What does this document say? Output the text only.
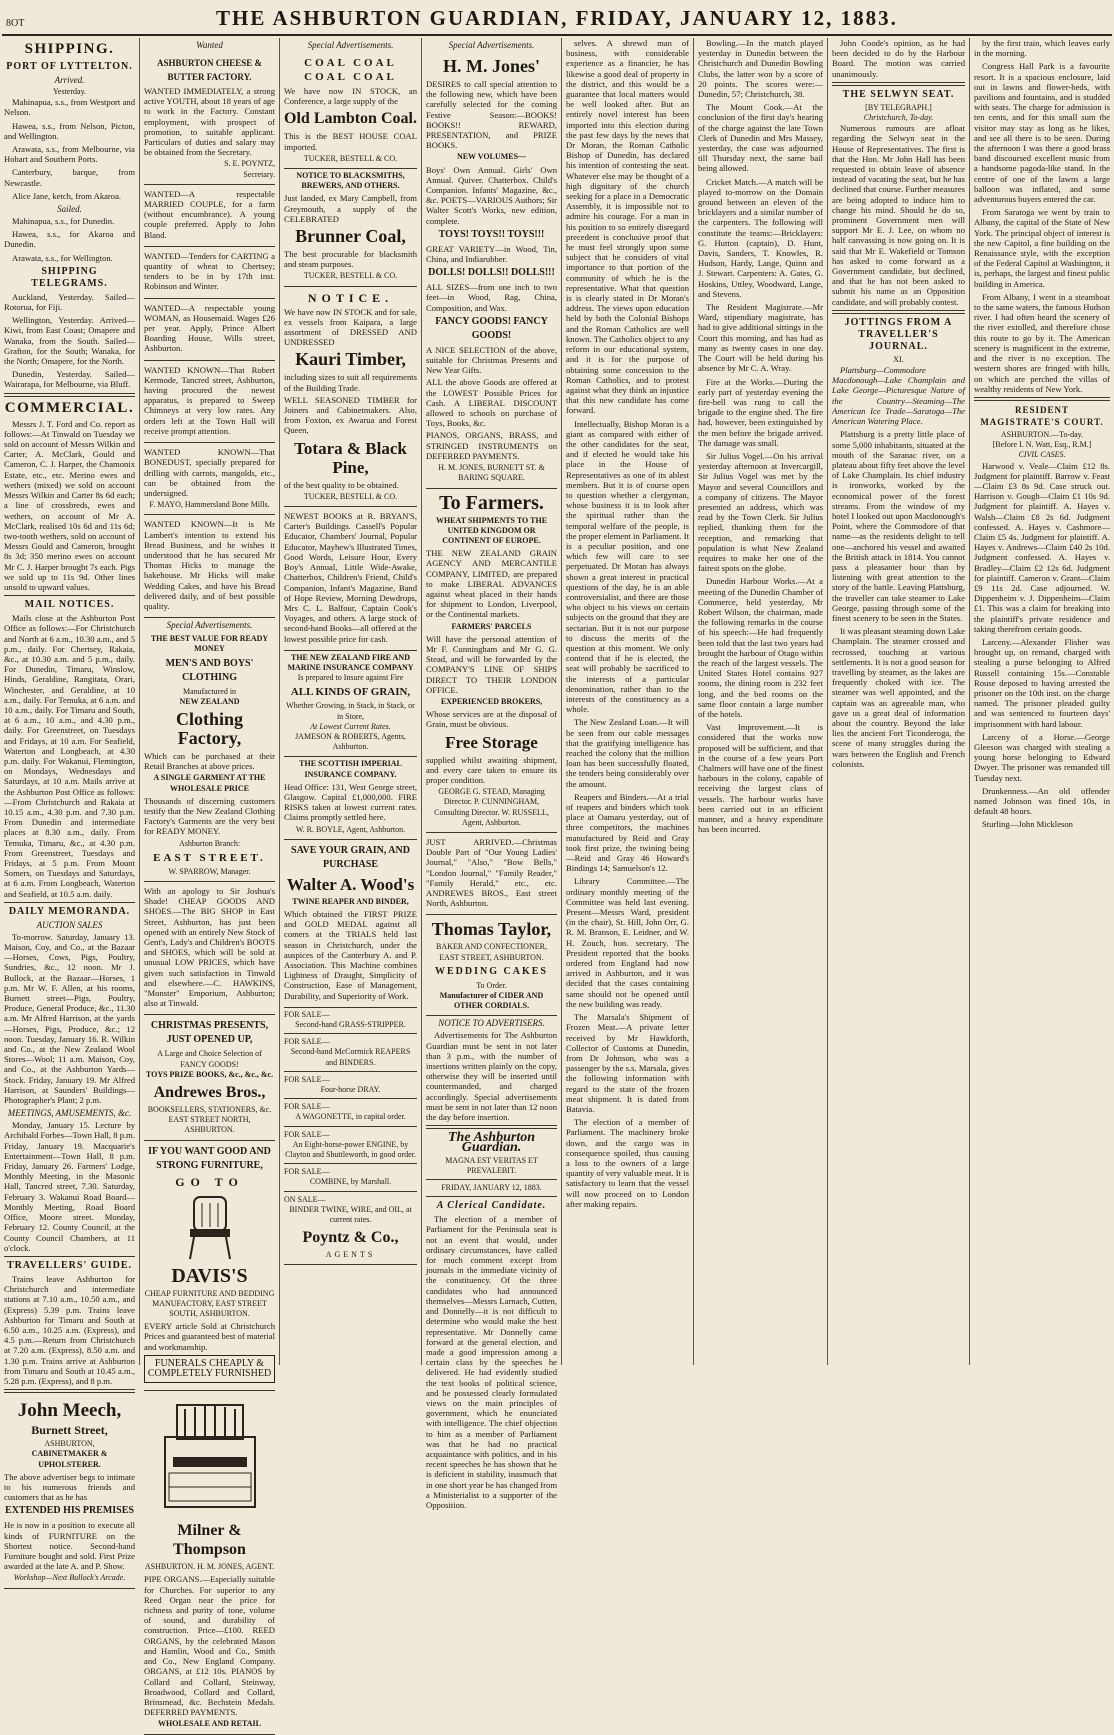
8OT	THE ASHBURTON GUARDIAN, FRIDAY, JANUARY 12, 1883.
SHIPPING.
PORT OF LYTTELTON.
Arrived.
Yesterday.

Mahinapua, s.s., from Westport and Nelson.

Hawea, s.s., from Nelson, Picton, and Wellington.

Arawata, s.s., from Melbourne, via Hobart and Southern Ports.

Canterbury, barque, from Newcastle.

Alice Jane, ketch, from Akaroa.

Sailed.

Mahinapua, s.s., for Dunedin.

Hawea, s.s., for Akaroa and Dunedin.

Arawata, s.s., for Wellington.

SHIPPING TELEGRAMS.

Auckland, Yesterday. Sailed—Rotorua, for Fiji.

Wellington, Yesterday. Arrived—Kiwi, from East Coast; Omapere and Wanaka, from the South. Sailed—Grafton, for the South; Wanaka, for the North; Omapere, for the North.

Dunedin, Yesterday. Sailed—Wairarapa, for Melbourne, via Bluff.

COMMERCIAL.

Messrs J. T. Ford and Co. report as follows:—At Tinwald on Tuesday we sold on account of Messrs Wilkin and Carter, A. McClark, Gould and Cameron, C. J. Harper, the Chamonix Estate, etc., etc. Merino ewes and wethers (mixed) we sold on account Messrs Wilkin and Carter 8s 6d each; a line of crossbreds, ewes and wethers, on account of Mr A. McClark, realised 10s 6d and 11s 6d; two-tooth wethers, sold on account of Messrs Gould and Cameron, brought 8s 3d; 350 merino ewes on account Mr C. J. Harper brought 7s each. Pigs we sold up to 11s 9d. Other lines unsold to upward values.

MAIL NOTICES.

Mails close at the Ashburton Post Office as follows:—For Christchurch and North at 6 a.m., 10.30 a.m., and 5 p.m., daily. For Chertsey, Rakaia, &c., at 10.30 a.m. and 5 p.m., daily. For Dunedin, Timaru, Winslow, Hinds, Geraldine, Rangitata, Orari, Winchester, and Geraldine, at 10 a.m., daily. For Temuka, at 6 a.m. and 10 a.m., daily. For Timaru and South, at 6 a.m., 10 a.m., and 4.30 p.m., daily. For Greenstreet, on Tuesdays and Fridays, at 10 a.m. For Seafield, Waterton and Longbeach, at 4.30 p.m. daily. For Wakanui, Flemington, on Mondays, Wednesdays and Saturdays, at 10 a.m. Mails arrive at the Ashburton Post Office as follows:—From Christchurch and Rakaia at 10.15 a.m., 4.30 p.m. and 7.30 p.m. From Dunedin and intermediate places at 8.30 a.m., daily. From Temuka, Timaru, &c., at 4.30 p.m. From Greenstreet, Tuesdays and Fridays, at 5 p.m. From Mount Somers, on Tuesdays and Saturdays, at 6 a.m. From Longbeach, Waterton and Seafield, at 10.5 a.m. daily.

DAILY MEMORANDA.
AUCTION SALES

To-morrow. Saturday, January 13. Maison, Coy, and Co., at the Bazaar—Horses, Cows, Pigs, Poultry, Sundries, &c., 12 noon. Mr J. Bullock, at the Bazaar—Horses, 1 p.m. Mr W. F. Allen, at his rooms, Burnett street—Pigs, Poultry, Produce, General Produce, &c., 11.30 a.m. Mr Alfred Harrison, at the yards—Horses, Pigs, Produce, &c.; 12 noon. Tuesday, January 16. R. Wilkin and Co., at the New Zealand Wool Stores—Wool; 11 a.m. Maison, Coy, and Co., at the Ashburton Yards—Stock. Friday, January 19. Mr Alfred Harrison, at Saunders' Buildings—Photographer's Plant; 2 p.m.

MEETINGS, AMUSEMENTS, &c.

Monday, January 15. Lecture by Archibald Forbes—Town Hall, 8 p.m. Friday, January 19. Macquarie's Entertainment—Town Hall, 8 p.m. Friday, January 26. Farmers' Lodge, Monthly Meeting, in the Masonic Hall, Tancred street, 7.30. Saturday, February 3. Wakanui Road Board—Monthly Meeting, Road Board Office, Moore street. Monday, February 12. County Council, at the County Council Chambers, at 11 o'clock.

TRAVELLERS' GUIDE.

Trains leave Ashburton for Christchurch and intermediate stations at 7.10 a.m., 10.50 a.m., and (Express) 5.39 p.m. Trains leave Ashburton for Timaru and South at 6.50 a.m., 10.25 a.m. (Express), and 4.5 p.m.—Return from Christchurch at 7.20 a.m. (Express), 8.50 a.m. and 1.30 p.m. Trains arrive at Ashburton from Timaru and South at 10.45 a.m., 5.28 p.m. (Express), and 8 p.m.

John Meech,
Burnett Street,
ASHBURTON,
CABINETMAKER & UPHOLSTERER.
The above advertiser begs to intimate to his numerous friends and customers that as he has
EXTENDED HIS PREMISES
He is now in a position to execute all kinds of FURNITURE on the Shortest notice. Second-hand Furniture bought and sold. First Prize awarded at the late A. and P. Show.
Workshop—Next Bullock's Arcade.
Wanted
ASHBURTON CHEESE & BUTTER FACTORY.
WANTED IMMEDIATELY, a strong active YOUTH, about 18 years of age to work in the Factory. Constant employment, with prospect of promotion, to suitable applicant. Particulars of duties and salary may be obtained from the Secretary.
S. E. POYNTZ,
Secretary.
WANTED—A respectable MARRIED COUPLE, for a farm (without encumbrance). A young couple preferred. Apply to John Bland.
WANTED—Tenders for CARTING a quantity of wheat to Chertsey; tenders to be in by 17th inst. Robinson and Winter.
WANTED—A respectable young WOMAN, as Housemaid. Wages £26 per year. Apply, Prince Albert Boarding House, Wills street, Ashburton.
WANTED KNOWN—That Robert Kermode, Tancred street, Ashburton, having procured the newest apparatus, is prepared to Sweep Chimneys at very low rates. Any orders left at the Town Hall will receive prompt attention.
WANTED KNOWN—That BONEDUST, specially prepared for drilling with carrots, mangolds, etc., can be obtained from the undersigned.
F. MAYO, Hammersland Bone Mills.
WANTED KNOWN—It is Mr Lambert's intention to extend his Bread Business, and he wishes it understood that he has secured Mr Thomas Hicks to manage the bakehouse. Mr Hicks will make Wedding Cakes, and have his Bread delivered daily, and of best possible quality.
Special Advertisements.
THE BEST VALUE FOR READY MONEY
MEN'S AND BOYS' CLOTHING
Manufactured in
NEW ZEALAND
Clothing Factory,
Which can be purchased at their Retail Branches at above prices.
A SINGLE GARMENT AT THE WHOLESALE PRICE
Thousands of discerning customers testify that the New Zealand Clothing Factory's Garments are the very best for READY MONEY.
Ashburton Branch:
EAST STREET.
W. SPARROW, Manager.
With an apology to Sir Joshua's Shade! CHEAP GOODS AND SHOES.—The BIG SHOP in East Street, Ashburton, has just been opened with an entirely New Stock of Gent's, Lady's and Children's BOOTS and SHOES, which will be sold at unusual LOW PRICES, which have given such satisfaction in Tinwald and elsewhere.—C. HAWKINS, "Monster" Emporium, Ashburton; also at Tinwald.
CHRISTMAS PRESENTS, JUST OPENED UP,
A Large and Choice Selection of FANCY GOODS!
TOYS PRIZE BOOKS, &c., &c., &c.
Andrewes Bros.,
BOOKSELLERS, STATIONERS, &c. EAST STREET NORTH, ASHBURTON.
IF YOU WANT GOOD AND STRONG FURNITURE,
GO TO
DAVIS'S
CHEAP FURNITURE AND BEDDING MANUFACTORY, EAST STREET SOUTH, ASHBURTON.
EVERY article Sold at Christchurch Prices and guaranteed best of material and workmanship.
FUNERALS CHEAPLY & COMPLETELY FURNISHED
Milner & Thompson
ASHBURTON. H. M. JONES, AGENT.
PIPE ORGANS.—Especially suitable for Churches. For superior to any Reed Organ near the price for richness and purity of tone, volume of sound, and durability of construction. Price—£100. REED ORGANS, by the celebrated Mason and Hamlin, Wood and Co., Smith and Co., New England Company. ORGANS, at £12 10s. PIANOS by Collard and Collard, Steinway, Broadwood, Collard and Collard, Brinsmead, &c. Bechstein Medals. DEFERRED PAYMENTS.
WHOLESALE AND RETAIL
Special Advertisements.
COAL COAL COAL COAL
We have now IN STOCK, an Conference, a large supply of the
Old Lambton Coal.
This is the BEST HOUSE COAL imported.
TUCKER, BESTELL & CO.
NOTICE TO BLACKSMITHS, BREWERS, AND OTHERS.
Just landed, ex Mary Campbell, from Greymouth, a supply of the CELEBRATED
Brunner Coal,
The best procurable for blacksmith and steam purposes.
TUCKER, BESTELL & CO.
NOTICE.
We have now IN STOCK and for sale, ex vessels from Kaipara, a large assortment of DRESSED AND UNDRESSED
Kauri Timber,
including sizes to suit all requirements of the Building Trade.
WELL SEASONED TIMBER for Joiners and Cabinetmakers. Also, from Foxton, ex Awarua and Forest Queen,
Totara & Black Pine,
of the best quality to be obtained.
TUCKER, BESTELL & CO.
NEWEST BOOKS at R. BRYAN'S, Carter's Buildings. Cassell's Popular Educator, Chambers' Journal, Popular Educator, Mayhew's Illustrated Times, Good Words, Leisure Hour, Every Boy's Annual, Little Wide-Awake, Chatterbox, Children's Friend, Child's Companion, Infant's Magazine, Band of Hope Review, Morning Dewdrops, Mrs C. L. Balfour, Captain Cook's Voyages, and others. A large stock of second-hand Books—all offered at the lowest possible price for cash.
THE NEW ZEALAND FIRE AND MARINE INSURANCE COMPANY
Is prepared to Insure against Fire
ALL KINDS OF GRAIN,
Whether Growing, in Stack, in Stack, or in Store,
At Lowest Current Rates.
JAMESON & ROBERTS, Agents, Ashburton.
THE SCOTTISH IMPERIAL INSURANCE COMPANY.
Head Office: 131, West George street, Glasgow. Capital £1,000,000. FIRE RISKS taken at lowest current rates. Claims promptly settled here.
W. R. BOYLE, Agent, Ashburton.
SAVE YOUR GRAIN, AND PURCHASE
Walter A. Wood's
TWINE REAPER AND BINDER,
Which obtained the FIRST PRIZE and GOLD MEDAL against all comers at the TRIALS held last season in Christchurch, under the auspices of the Canterbury A. and P. Association. This Machine combines Lightness of Draught, Simplicity of Construction, Ease of Management, Durability, and Superiority of Work.
FOR SALE—
Second-hand GRASS-STRIPPER.
FOR SALE—
Second-hand McCormick REAPERS and BINDERS.
FOR SALE—
Four-horse DRAY.
FOR SALE—
A WAGONETTE, in capital order.
FOR SALE—
An Eight-horse-power ENGINE, by Clayton and Shuttleworth, in good order.
FOR SALE—
COMBINE, by Marshall.
ON SALE—
BINDER TWINE, WIRE, and OIL, at current rates.
Poyntz & Co.,
AGENTS
Special Advertisements.
H. M. Jones'
DESIRES to call special attention to the following new, which have been carefully selected for the coming Festive Season:—BOOKS! BOOKS!! REWARD, PRESENTATION, and PRIZE BOOKS.
NEW VOLUMES—
Boys' Own Annual. Girls' Own Annual. Quiver. Chatterbox. Child's Companion. Infants' Magazine, &c., &c. POETS—VARIOUS Authors; Sir Walter Scott's Works, new edition, complete.
TOYS! TOYS!! TOYS!!!
GREAT VARIETY—in Wood, Tin, China, and Indiarubber.
DOLLS! DOLLS!! DOLLS!!!
ALL SIZES—from one inch to two feet—in Wood, Rag, China, Composition, and Wax.
FANCY GOODS! FANCY GOODS!
A NICE SELECTION of the above, suitable for Christmas Presents and New Year Gifts.
ALL the above Goods are offered at the LOWEST Possible Prices for Cash. A LIBERAL DISCOUNT allowed to schools on purchase of Toys, Books, &c.
PIANOS, ORGANS, BRASS, and STRINGED INSTRUMENTS on DEFERRED PAYMENTS.
H. M. JONES, BURNETT ST. & BARING SQUARE.
To Farmers.
WHEAT SHIPMENTS TO THE UNITED KINGDOM OR CONTINENT OF EUROPE.
THE NEW ZEALAND GRAIN AGENCY AND MERCANTILE COMPANY, LIMITED, are prepared to make LIBERAL ADVANCES against wheat placed in their hands for shipment to London, Liverpool, or the Continental markets.
FARMERS' PARCELS
Will have the personal attention of Mr F. Cunningham and Mr G. G. Stead, and will be forwarded by the COMPANY'S LINE OF SHIPS DIRECT TO THEIR LONDON OFFICE.
EXPERIENCED BROKERS,
Whose services are at the disposal of Grain, must be obvious.
Free Storage
supplied whilst awaiting shipment, and every care taken to ensure its proper condition.
GEORGE G. STEAD, Managing Director. P. CUNNINGHAM, Consulting Director. W. RUSSELL, Agent, Ashburton.
JUST ARRIVED.—Christmas Double Part of "Our Young Ladies' Journal," "Also," "Bow Bells," "London Journal," "Family Reader," "Family Herald," etc., etc. ANDREWES BROS., East street North, Ashburton.
Thomas Taylor,
BAKER AND CONFECTIONER, EAST STREET, ASHBURTON.
WEDDING CAKES
To Order.
Manufacturer of CIDER AND OTHER CORDIALS.
NOTICE TO ADVERTISERS.

Advertisements for The Ashburton Guardian must be sent in not later than 3 p.m., with the number of insertions written plainly on the copy, otherwise they will be inserted until countermanded, and charged accordingly. Special advertisements must be sent in not later than 12 noon the day before insertion.

The Ashburton Guardian.
MAGNA EST VERITAS ET PREVALEBIT.
FRIDAY, JANUARY 12, 1883.
A Clerical Candidate.

The election of a member of Parliament for the Peninsula seat is not an event that would, under ordinary circumstances, have called for much comment except from journals in the immediate vicinity of the constituency. Of the three candidates who had announced themselves—Messrs Larnach, Cutten, and Donnelly—it is not difficult to determine who would make the best representative. Mr Donnelly came forward at the general election, and made a good impression among a certain class by the speeches he delivered. He had evidently studied the text books of political science, and he possessed clearly formulated views on the main principles of government, which he enunciated with intelligence. The chief objection to him as a member of Parliament was that he had no practical acquaintance with politics, and in his recent speeches he has shown that he is deficient in stability, inasmuch that in one short year he has changed from a Ministerialist to a supporter of the Opposition.

selves. A shrewd man of business, with considerable experience as a financier, he has likewise a good deal of property in the district, and this would be a guarantee that local matters would be well looked after. But an entirely novel interest has been imported into this election during the past few days by the news that Dr Moran, the Roman Catholic Bishop of Dunedin, has declared his intention of contesting the seat. Whatever else may be thought of a high dignitary of the church seeking for a place in a Democratic Assembly, it is impossible not to admire his courage. For a man in his position to so entirely disregard precedent is conclusive proof that he must feel strongly upon some subject that he considers of vital importance to that portion of the community of which he is the representative. What that question is is clearly stated in Dr Moran's address. The views upon education held by both the Colonial Bishops and the Roman Catholics are well known. The Catholics object to any reform in our educational system, and it is for the purpose of obtaining some concession to the Roman Catholics, and to protest against what they think an injustice that this new candidate has come forward.

Intellectually, Bishop Moran is a giant as compared with either of the other candidates for the seat, and if elected he would take his place in the House of Representatives as one of its ablest members. But it is of course open to question whether a clergyman, whose business it is to look after the spiritual rather than the temporal welfare of the people, is the proper element in Parliament. It is a peculiar position, and one which few will care to see perpetuated. Dr Moran has always shown a great interest in practical questions of the day, he is an able controversialist, and there are those who object to his views on certain subjects on the ground that they are sectarian. But it is not our purpose to discuss the merits of the question at this moment. We only contend that if he is elected, the seat will probably be sacrificed to the interests of a particular denomination, rather than to the interests of the constituency as a whole.

The New Zealand Loan.—It will be seen from our cable messages that the gratifying intelligence has reached the colony that the million loan has been successfully floated, the tenders being considerably over the amount.

Reapers and Binders.—At a trial of reapers and binders which took place at Oamaru yesterday, out of three competitors, the machines manufactured by Reid and Gray took first prize, the twining being —Reid and Gray 46 Howard's Bindings 14; Samuelson's 12.

Library Committee.—The ordinary monthly meeting of the Committee was held last evening. Present—Messrs Ward, president (in the chair), St. Hill, John Orr, G. R. M. Branson, E. Leidner, and W. H. Zouch, hon. secretary. The President reported that the books ordered from England had now arrived in Ashburton, and it was decided that the cases containing same should not be opened until the new building was ready.

The Marsala's Shipment of Frozen Meat.—A private letter received by Mr Hawkforth, Collector of Customs at Dunedin, from Dr Johnson, who was a passenger by the s.s. Marsala, gives the following information with regard to the state of the frozen meat shipment. It is dated from Batavia.

The election of a member of Parliament. The machinery broke down, and the cargo was in consequence spoiled, thus causing a loss to the owners of a large quantity of very valuable meat. It is satisfactory to learn that the vessel will now proceed on to London after making repairs.

Bowling.—In the match played yesterday in Dunedin between the Christchurch and Dunedin Bowling Clubs, the latter won by a score of 20 points. The scores were:—Dunedin, 57; Christchurch, 38.

The Mount Cook.—At the conclusion of the first day's hearing of the charge against the late Town Clerk of Dunedin and Mrs Massey, yesterday, the case was adjourned till Thursday next, the same bail being allowed.

Cricket Match.—A match will be played to-morrow on the Domain ground between an eleven of the bricklayers and a similar number of the carpenters. The following will constitute the teams:—Bricklayers: G. Hutton (captain), D. Hunt, Davis, Sanders, T. Knowles, R. Hudson, Hardy, Lange, Quinn and J. Stewart. Carpenters: A. Gates, G. Hoskins, Uttley, Woodward, Lange, and Stevens.

The Resident Magistrate.—Mr Ward, stipendiary magistrate, has had to give additional sittings in the Court this morning, and has had as many as twenty cases in one day. The Court will be held during his absence by Mr C. A. Wray.

Fire at the Works.—During the early part of yesterday evening the fire-bell was rung to call the brigade to the engine shed. The fire had, however, been extinguished by the men before the brigade arrived. The damage was small.

Sir Julius Vogel.—On his arrival yesterday afternoon at Invercargill, Sir Julius Vogel was met by the Mayor and several Councillors and a company of citizens. The Mayor presented an address, which was read by the Town Clerk. Sir Julius replied, thanking them for the reception, and remarking that population is what New Zealand requires to make her one of the fairest spots on the globe.

Dunedin Harbour Works.—At a meeting of the Dunedin Chamber of Commerce, held yesterday, Mr Robert Wilson, the chairman, made the following remarks in the course of his speech:—He had frequently been told that the last two years had brought the harbour of Otago within the reach of the largest vessels. The United States Hotel contains 927 rooms, the dining room is 232 feet long, and the bed rooms on the same floor contain a large number of the hotels.

Vast Improvement.—It is considered that the works now proposed will be sufficient, and that in the course of a few years Port Chalmers will have one of the finest harbours in the colony, capable of receiving the largest class of vessels. The harbour works have been carried out in an efficient manner, and a heavy expenditure has been incurred.

John Coode's opinion, as he had been decided to do by the Harbour Board. The motion was carried unanimously.

THE SELWYN SEAT.
[BY TELEGRAPH.]
Christchurch, To-day.

Numerous rumours are afloat regarding the Selwyn seat in the House of Representatives. The first is that the Hon. Mr John Hall has been requested to obtain leave of absence instead of vacating the seat, but he has declined that course. Further measures are being adopted to induce him to change his mind. Should he do so, prominent Government men will support Mr E. J. Lee, on whom no half canvassing is now going on. It is said that Mr E. Wakefield or Tomson has asked to come forward as a Government candidate, but declined, and that he has not been asked to submit his name as an Opposition candidate, and will probably contest.

JOTTINGS FROM A TRAVELLER'S JOURNAL.
XI.

Plattsburg—Commodore Macdonough—Lake Champlain and Lake George—Picturesque Nature of the Country—Steaming—The American Ice Trade—Saratoga—The American Watering Place.

Plattsburg is a pretty little place of some 5,000 inhabitants, situated at the mouth of the Saranac river, on a plateau about fifty feet above the level of Lake Champlain. Its chief industry is ironworks, worked by the economical power of the forest streams. From the window of my hotel I looked out upon Macdonough's Point, where the Commodore of that name—as the residents delight to tell one—anchored his vessel and awaited the British attack in 1814. You cannot pass a pleasanter hour than by listening with great attention to the story of the battle. Leaving Plattsburg, the traveller can take steamer to Lake George, passing through some of the finest scenery to be seen in the States.

It was pleasant steaming down Lake Champlain. The steamer crossed and recrossed, touching at various settlements. It is not a good season for travelling by steamer, as the lakes are frequently choked with ice. The steamer was well appointed, and the captain was an agreeable man, who gave us a great deal of information about the country. Beyond the lake lies the ancient Fort Ticonderoga, the scene of many struggles during the wars between the English and French colonists.

by the first train, which leaves early in the morning.

Congress Hall Park is a favourite resort. It is a spacious enclosure, laid out in lawns and flower-beds, with pavilions and fountains, and is studded with seats. The charge for admission is ten cents, and for this small sum the visitor may stay as long as he likes, and see all there is to be seen. During the afternoon I was there a good brass band discoursed excellent music from a handsome pagoda-like stand. In the centre of one of the lawns a large balloon was inflated, and some adventurous buyers entered the car.

From Saratoga we went by train to Albany, the capital of the State of New York. The principal object of interest is the new Capitol, a fine building on the Renaissance style, with the exception of the Federal Capitol at Washington, it is, perhaps, the largest and finest public building in America.

From Albany, I went in a steamboat to the same waters, the famous Hudson river. I had often heard the scenery of the river extolled, and therefore chose this route to go by it. The American scenery is magnificent in the extreme, and the river is no exception. The western shores are fringed with hills, on which are perched the villas of wealthy residents of New York.

RESIDENT MAGISTRATE'S COURT.
ASHBURTON.—To-day.
[Before I. N. Watt, Esq., R.M.]
CIVIL CASES.

Harwood v. Veale—Claim £12 8s. Judgment for plaintiff. Barrow v. Feast—Claim £3 8s 9d. Case struck out. Harrison v. Gough—Claim £1 10s 9d. Judgment for plaintiff. A. Hayes v. Walsh—Claim £8 2s 6d. Judgment confessed. A. Hayes v. Cashmore—Claim £5 4s. Judgment for plaintiff. A. Hayes v. Andrews—Claim £40 2s 10d. Judgment confessed. A. Hayes v. Bradley—Claim £2 12s 6d. Judgment for plaintiff. Cameron v. Grant—Claim £9 11s 2d. Case adjourned. W. Dippenheim v. J. Dippenheim—Claim £1. This was a claim for breaking into the plaintiff's private residence and taking therefrom certain goods.

Larceny.—Alexander Flisher was brought up, on remand, charged with stealing a purse belonging to Alfred Russell containing 15s.—Constable Rouse deposed to having arrested the prisoner on the 10th inst. on the charge named. The prisoner pleaded guilty and was sentenced to fourteen days' imprisonment with hard labour.

Larceny of a Horse.—George Gleeson was charged with stealing a young horse belonging to Edward Dwyer. The prisoner was remanded till Tuesday next.

Drunkenness.—An old offender named Johnson was fined 10s, in default 48 hours.

Sturling—John Mickleson
